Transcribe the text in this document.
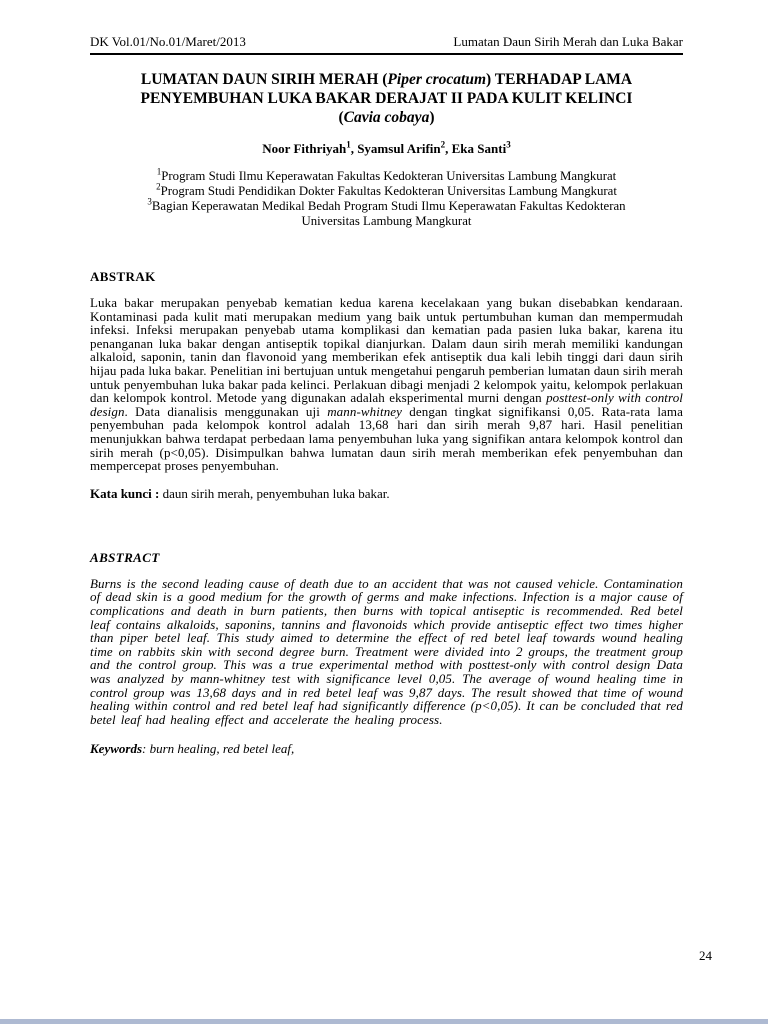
DK Vol.01/No.01/Maret/2013	Lumatan Daun Sirih Merah dan Luka Bakar
LUMATAN DAUN SIRIH MERAH (Piper crocatum) TERHADAP LAMA
PENYEMBUHAN LUKA BAKAR DERAJAT II PADA KULIT KELINCI
(Cavia cobaya)
Noor Fithriyah$^1$, Syamsul Arifin$^2$, Eka Santi$^3$
$^1$Program Studi Ilmu Keperawatan Fakultas Kedokteran Universitas Lambung Mangkurat
$^2$Program Studi Pendidikan Dokter Fakultas Kedokteran Universitas Lambung Mangkurat
$^3$Bagian Keperawatan Medikal Bedah Program Studi Ilmu Keperawatan Fakultas Kedokteran
Universitas Lambung Mangkurat
ABSTRAK

Luka bakar merupakan penyebab kematian kedua karena kecelakaan yang bukan disebabkan kendaraan. Kontaminasi pada kulit mati merupakan medium yang baik untuk pertumbuhan kuman dan mempermudah infeksi. Infeksi merupakan penyebab utama komplikasi dan kematian pada pasien luka bakar, karena itu penanganan luka bakar dengan antiseptik topikal dianjurkan. Dalam daun sirih merah memiliki kandungan alkaloid, saponin, tanin dan flavonoid yang memberikan efek antiseptik dua kali lebih tinggi dari daun sirih hijau pada luka bakar. Penelitian ini bertujuan untuk mengetahui pengaruh pemberian lumatan daun sirih merah untuk penyembuhan luka bakar pada kelinci. Perlakuan dibagi menjadi 2 kelompok yaitu, kelompok perlakuan dan kelompok kontrol. Metode yang digunakan adalah eksperimental murni dengan posttest-only with control design. Data dianalisis menggunakan uji mann-whitney dengan tingkat signifikansi 0,05. Rata-rata lama penyembuhan pada kelompok kontrol adalah 13,68 hari dan sirih merah 9,87 hari. Hasil penelitian menunjukkan bahwa terdapat perbedaan lama penyembuhan luka yang signifikan antara kelompok kontrol dan sirih merah (p<0,05). Disimpulkan bahwa lumatan daun sirih merah memberikan efek penyembuhan dan mempercepat proses penyembuhan.

Kata kunci : daun sirih merah, penyembuhan luka bakar.

ABSTRACT

Burns is the second leading cause of death due to an accident that was not caused vehicle. Contamination of dead skin is a good medium for the growth of germs and make infections. Infection is a major cause of complications and death in burn patients, then burns with topical antiseptic is recommended. Red betel leaf contains alkaloids, saponins, tannins and flavonoids which provide antiseptic effect two times higher than piper betel leaf. This study aimed to determine the effect of red betel leaf towards wound healing time on rabbits skin with second degree burn. Treatment were divided into 2 groups, the treatment group and the control group. This was a true experimental method with posttest-only with control design Data was analyzed by mann-whitney test with significance level 0,05. The average of wound healing time in control group was 13,68 days and in red betel leaf was 9,87 days. The result showed that time of wound healing within control and red betel leaf had significantly difference (p<0,05). It can be concluded that red betel leaf had healing effect and accelerate the healing process.

Keywords: burn healing, red betel leaf,

24
